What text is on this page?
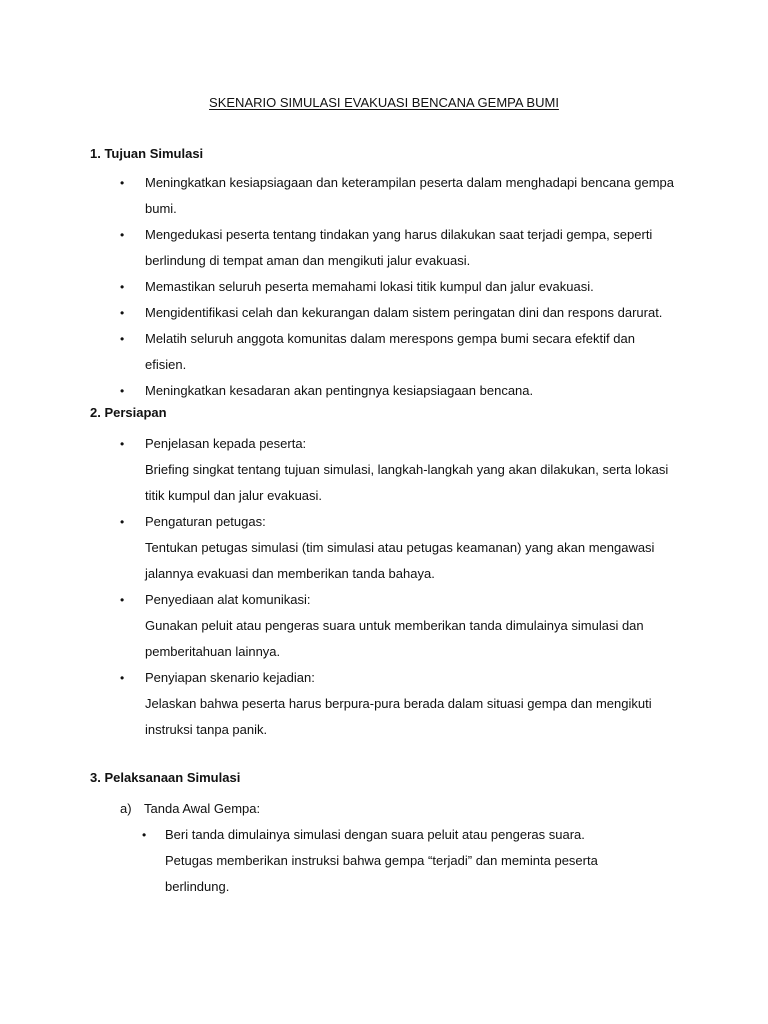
SKENARIO SIMULASI EVAKUASI BENCANA GEMPA BUMI
1. Tujuan Simulasi
• Meningkatkan kesiapsiagaan dan keterampilan peserta dalam menghadapi bencana gempa bumi.
• Mengedukasi peserta tentang tindakan yang harus dilakukan saat terjadi gempa, seperti berlindung di tempat aman dan mengikuti jalur evakuasi.
• Memastikan seluruh peserta memahami lokasi titik kumpul dan jalur evakuasi.
• Mengidentifikasi celah dan kekurangan dalam sistem peringatan dini dan respons darurat.
• Melatih seluruh anggota komunitas dalam merespons gempa bumi secara efektif dan efisien.
• Meningkatkan kesadaran akan pentingnya kesiapsiagaan bencana.
2. Persiapan
• Penjelasan kepada peserta:
Briefing singkat tentang tujuan simulasi, langkah-langkah yang akan dilakukan, serta lokasi titik kumpul dan jalur evakuasi.
• Pengaturan petugas:
Tentukan petugas simulasi (tim simulasi atau petugas keamanan) yang akan mengawasi jalannya evakuasi dan memberikan tanda bahaya.
• Penyediaan alat komunikasi:
Gunakan peluit atau pengeras suara untuk memberikan tanda dimulainya simulasi dan pemberitahuan lainnya.
• Penyiapan skenario kejadian:
Jelaskan bahwa peserta harus berpura-pura berada dalam situasi gempa dan mengikuti instruksi tanpa panik.
3. Pelaksanaan Simulasi
a) Tanda Awal Gempa:
• Beri tanda dimulainya simulasi dengan suara peluit atau pengeras suara. Petugas memberikan instruksi bahwa gempa “terjadi” dan meminta peserta berlindung.
